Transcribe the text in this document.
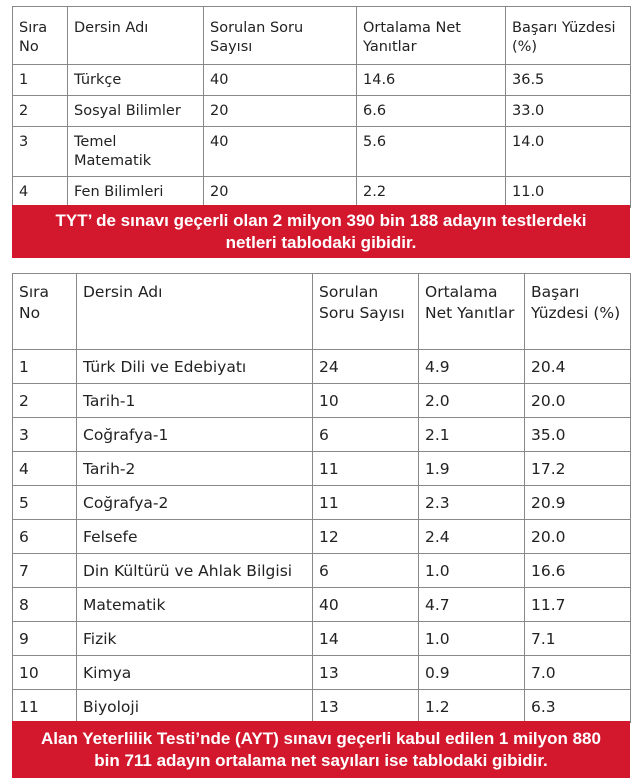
Sıra No	Dersin Adı	Sorulan Soru Sayısı	Ortalama Net Yanıtlar	Başarı Yüzdesi (%)
1	Türkçe	40	14.6	36.5
2	Sosyal Bilimler	20	6.6	33.0
3	Temel Matematik	40	5.6	14.0
4	Fen Bilimleri	20	2.2	11.0
TYT’ de sınavı geçerli olan 2 milyon 390 bin 188 adayın testlerdeki netleri tablodaki gibidir.
Sıra No	Dersin Adı	Sorulan Soru Sayısı	Ortalama Net Yanıtlar	Başarı Yüzdesi (%)
1	Türk Dili ve Edebiyatı	24	4.9	20.4
2	Tarih-1	10	2.0	20.0
3	Coğrafya-1	6	2.1	35.0
4	Tarih-2	11	1.9	17.2
5	Coğrafya-2	11	2.3	20.9
6	Felsefe	12	2.4	20.0
7	Din Kültürü ve Ahlak Bilgisi	6	1.0	16.6
8	Matematik	40	4.7	11.7
9	Fizik	14	1.0	7.1
10	Kimya	13	0.9	7.0
11	Biyoloji	13	1.2	6.3
Alan Yeterlilik Testi’nde (AYT) sınavı geçerli kabul edilen 1 milyon 880 bin 711 adayın ortalama net sayıları ise tablodaki gibidir.
